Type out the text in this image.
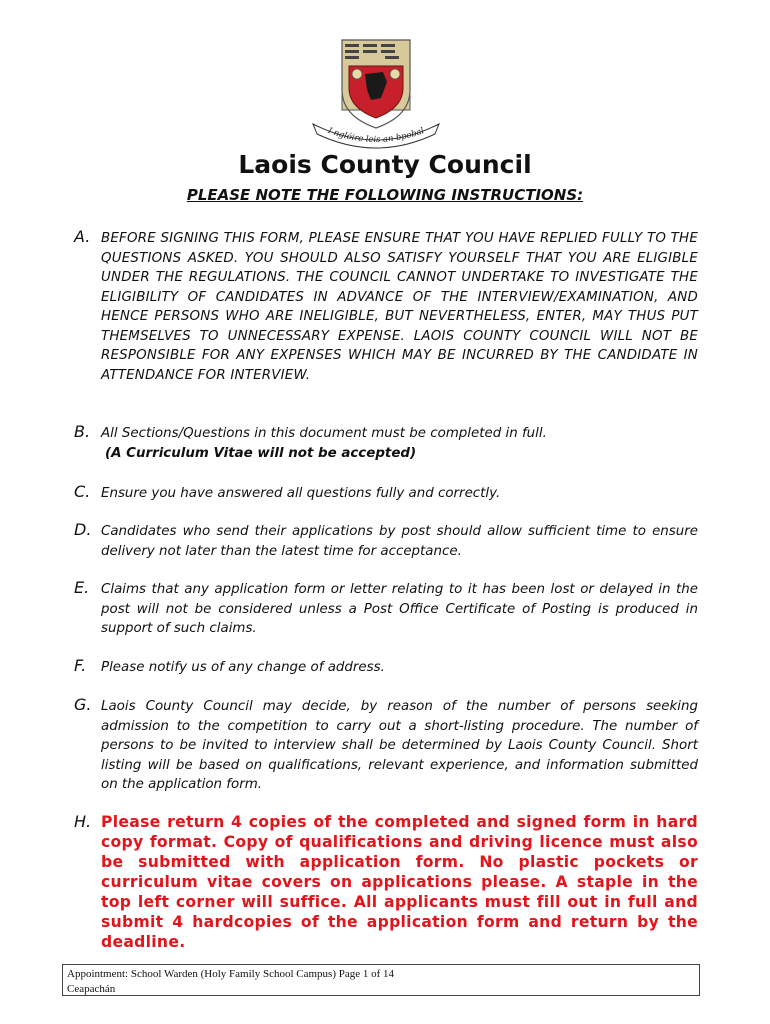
I nglóire leis an bpobal
Laois County Council
PLEASE NOTE THE FOLLOWING INSTRUCTIONS:
A. BEFORE SIGNING THIS FORM, PLEASE ENSURE THAT YOU HAVE REPLIED FULLY TO THE QUESTIONS ASKED. YOU SHOULD ALSO SATISFY YOURSELF THAT YOU ARE ELIGIBLE UNDER THE REGULATIONS. THE COUNCIL CANNOT UNDERTAKE TO INVESTIGATE THE ELIGIBILITY OF CANDIDATES IN ADVANCE OF THE INTERVIEW/EXAMINATION, AND HENCE PERSONS WHO ARE INELIGIBLE, BUT NEVERTHELESS, ENTER, MAY THUS PUT THEMSELVES TO UNNECESSARY EXPENSE. LAOIS COUNTY COUNCIL WILL NOT BE RESPONSIBLE FOR ANY EXPENSES WHICH MAY BE INCURRED BY THE CANDIDATE IN ATTENDANCE FOR INTERVIEW.
B. All Sections/Questions in this document must be completed in full.
(A Curriculum Vitae will not be accepted)
C. Ensure you have answered all questions fully and correctly.
D. Candidates who send their applications by post should allow sufficient time to ensure delivery not later than the latest time for acceptance.
E. Claims that any application form or letter relating to it has been lost or delayed in the post will not be considered unless a Post Office Certificate of Posting is produced in support of such claims.
F. Please notify us of any change of address.
G. Laois County Council may decide, by reason of the number of persons seeking admission to the competition to carry out a short-listing procedure. The number of persons to be invited to interview shall be determined by Laois County Council. Short listing will be based on qualifications, relevant experience, and information submitted on the application form.
H. Please return 4 copies of the completed and signed form in hard copy format. Copy of qualifications and driving licence must also be submitted with application form. No plastic pockets or curriculum vitae covers on applications please. A staple in the top left corner will suffice. All applicants must fill out in full and submit 4 hardcopies of the application form and return by the deadline.
Appointment: School Warden (Holy Family School Campus) Page 1 of 14
Ceapachán
